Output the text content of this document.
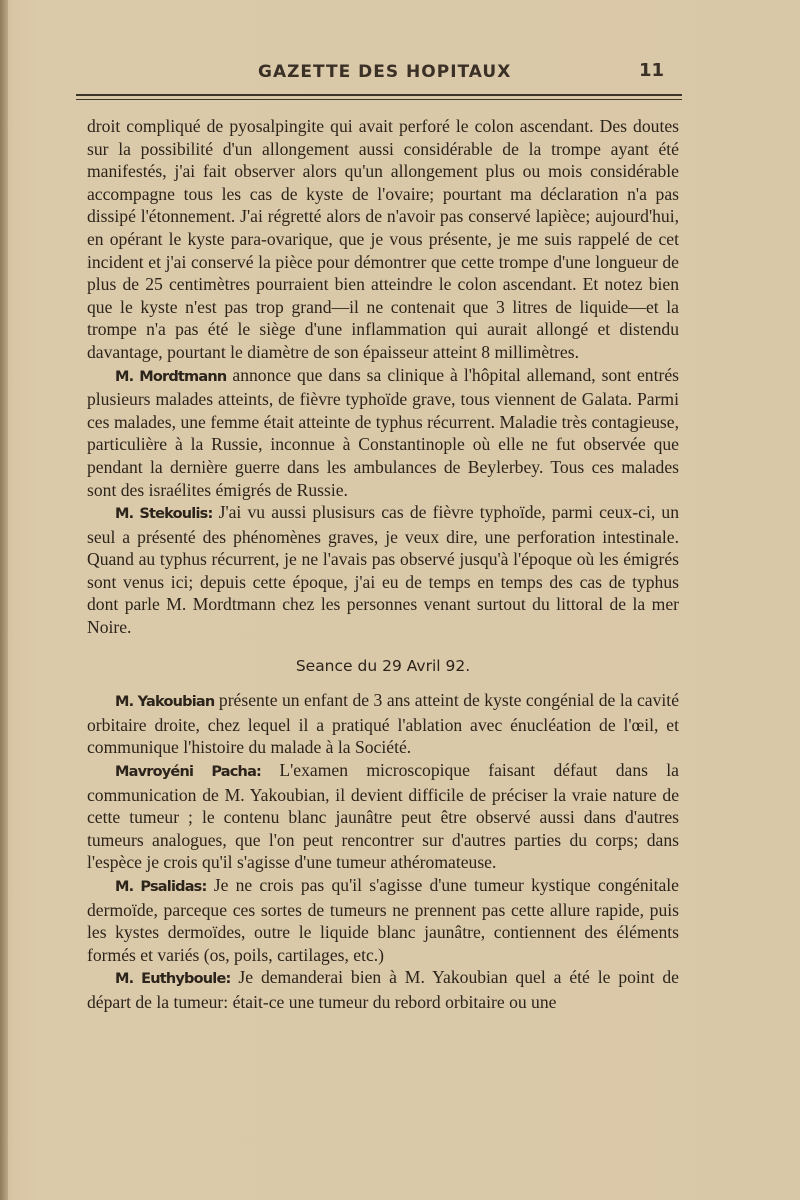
GAZETTE DES HOPITAUX	11

droit compliqué de pyosalpingite qui avait perforé le colon ascendant. Des doutes sur la possibilité d'un allongement aussi considérable de la trompe ayant été manifestés, j'ai fait observer alors qu'un allongement plus ou mois considérable accompagne tous les cas de kyste de l'ovaire; pourtant ma déclaration n'a pas dissipé l'étonnement. J'ai régretté alors de n'avoir pas conservé lapièce; aujourd'hui, en opérant le kyste para-ovarique, que je vous présente, je me suis rappelé de cet incident et j'ai conservé la pièce pour démontrer que cette trompe d'une longueur de plus de 25 centimètres pourraient bien atteindre le colon ascendant. Et notez bien que le kyste n'est pas trop grand—il ne contenait que 3 litres de liquide—et la trompe n'a pas été le siège d'une inflammation qui aurait allongé et distendu davantage, pourtant le diamètre de son épaisseur atteint 8 millimètres.

M. Mordtmann annonce que dans sa clinique à l'hôpital allemand, sont entrés plusieurs malades atteints, de fièvre typhoïde grave, tous viennent de Galata. Parmi ces malades, une femme était atteinte de typhus récurrent. Maladie très contagieuse, particulière à la Russie, inconnue à Constantinople où elle ne fut observée que pendant la dernière guerre dans les ambulances de Beylerbey. Tous ces malades sont des israélites émigrés de Russie.

M. Stekoulis: J'ai vu aussi plusisurs cas de fièvre typhoïde, parmi ceux-ci, un seul a présenté des phénomènes graves, je veux dire, une perforation intestinale. Quand au typhus récurrent, je ne l'avais pas observé jusqu'à l'époque où les émigrés sont venus ici; depuis cette époque, j'ai eu de temps en temps des cas de typhus dont parle M. Mordtmann chez les personnes venant surtout du littoral de la mer Noire.

Seance du 29 Avril 92.

M. Yakoubian présente un enfant de 3 ans atteint de kyste congénial de la cavité orbitaire droite, chez lequel il a pratiqué l'ablation avec énucléation de l'œil, et communique l'histoire du malade à la Société.

Mavroyéni Pacha: L'examen microscopique faisant défaut dans la communication de M. Yakoubian, il devient difficile de préciser la vraie nature de cette tumeur ; le contenu blanc jaunâtre peut être observé aussi dans d'autres tumeurs analogues, que l'on peut rencontrer sur d'autres parties du corps; dans l'espèce je crois qu'il s'agisse d'une tumeur athéromateuse.

M. Psalidas: Je ne crois pas qu'il s'agisse d'une tumeur kystique congénitale dermoïde, parceque ces sortes de tumeurs ne prennent pas cette allure rapide, puis les kystes dermoïdes, outre le liquide blanc jaunâtre, contiennent des éléments formés et variés (os, poils, cartilages, etc.)

M. Euthyboule: Je demanderai bien à M. Yakoubian quel a été le point de départ de la tumeur: était-ce une tumeur du rebord orbitaire ou une
